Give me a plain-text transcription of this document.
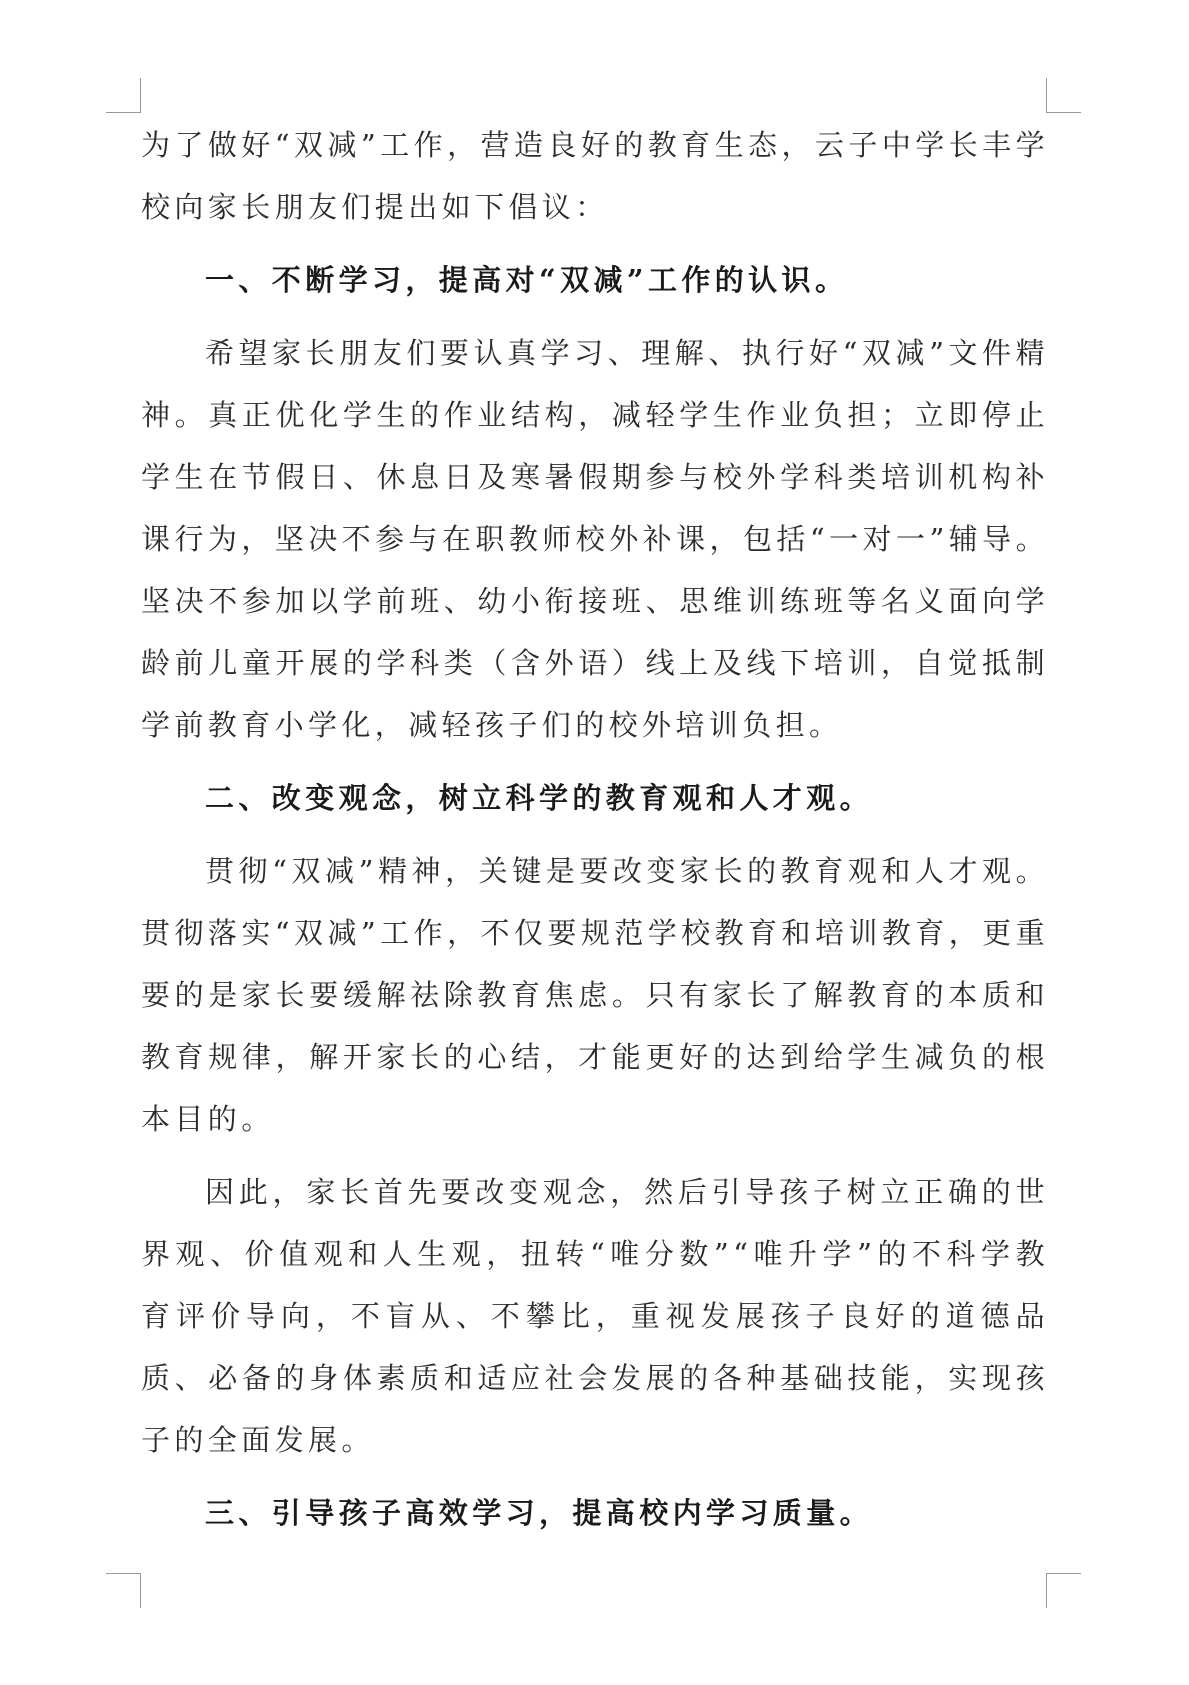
为了做好“双减”工作，营造良好的教育生态，云子中学长丰学校向家长朋友们提出如下倡议：

一、不断学习，提高对“双减”工作的认识。

希望家长朋友们要认真学习、理解、执行好“双减”文件精神。真正优化学生的作业结构，减轻学生作业负担；立即停止学生在节假日、休息日及寒暑假期参与校外学科类培训机构补课行为，坚决不参与在职教师校外补课，包括“一对一”辅导。坚决不参加以学前班、幼小衔接班、思维训练班等名义面向学龄前儿童开展的学科类（含外语）线上及线下培训，自觉抵制学前教育小学化，减轻孩子们的校外培训负担。

二、改变观念，树立科学的教育观和人才观。

贯彻“双减”精神，关键是要改变家长的教育观和人才观。贯彻落实“双减”工作，不仅要规范学校教育和培训教育，更重要的是家长要缓解祛除教育焦虑。只有家长了解教育的本质和教育规律，解开家长的心结，才能更好的达到给学生减负的根本目的。

因此，家长首先要改变观念，然后引导孩子树立正确的世界观、价值观和人生观，扭转“唯分数”“唯升学”的不科学教育评价导向，不盲从、不攀比，重视发展孩子良好的道德品质、必备的身体素质和适应社会发展的各种基础技能，实现孩子的全面发展。

三、引导孩子高效学习，提高校内学习质量。
